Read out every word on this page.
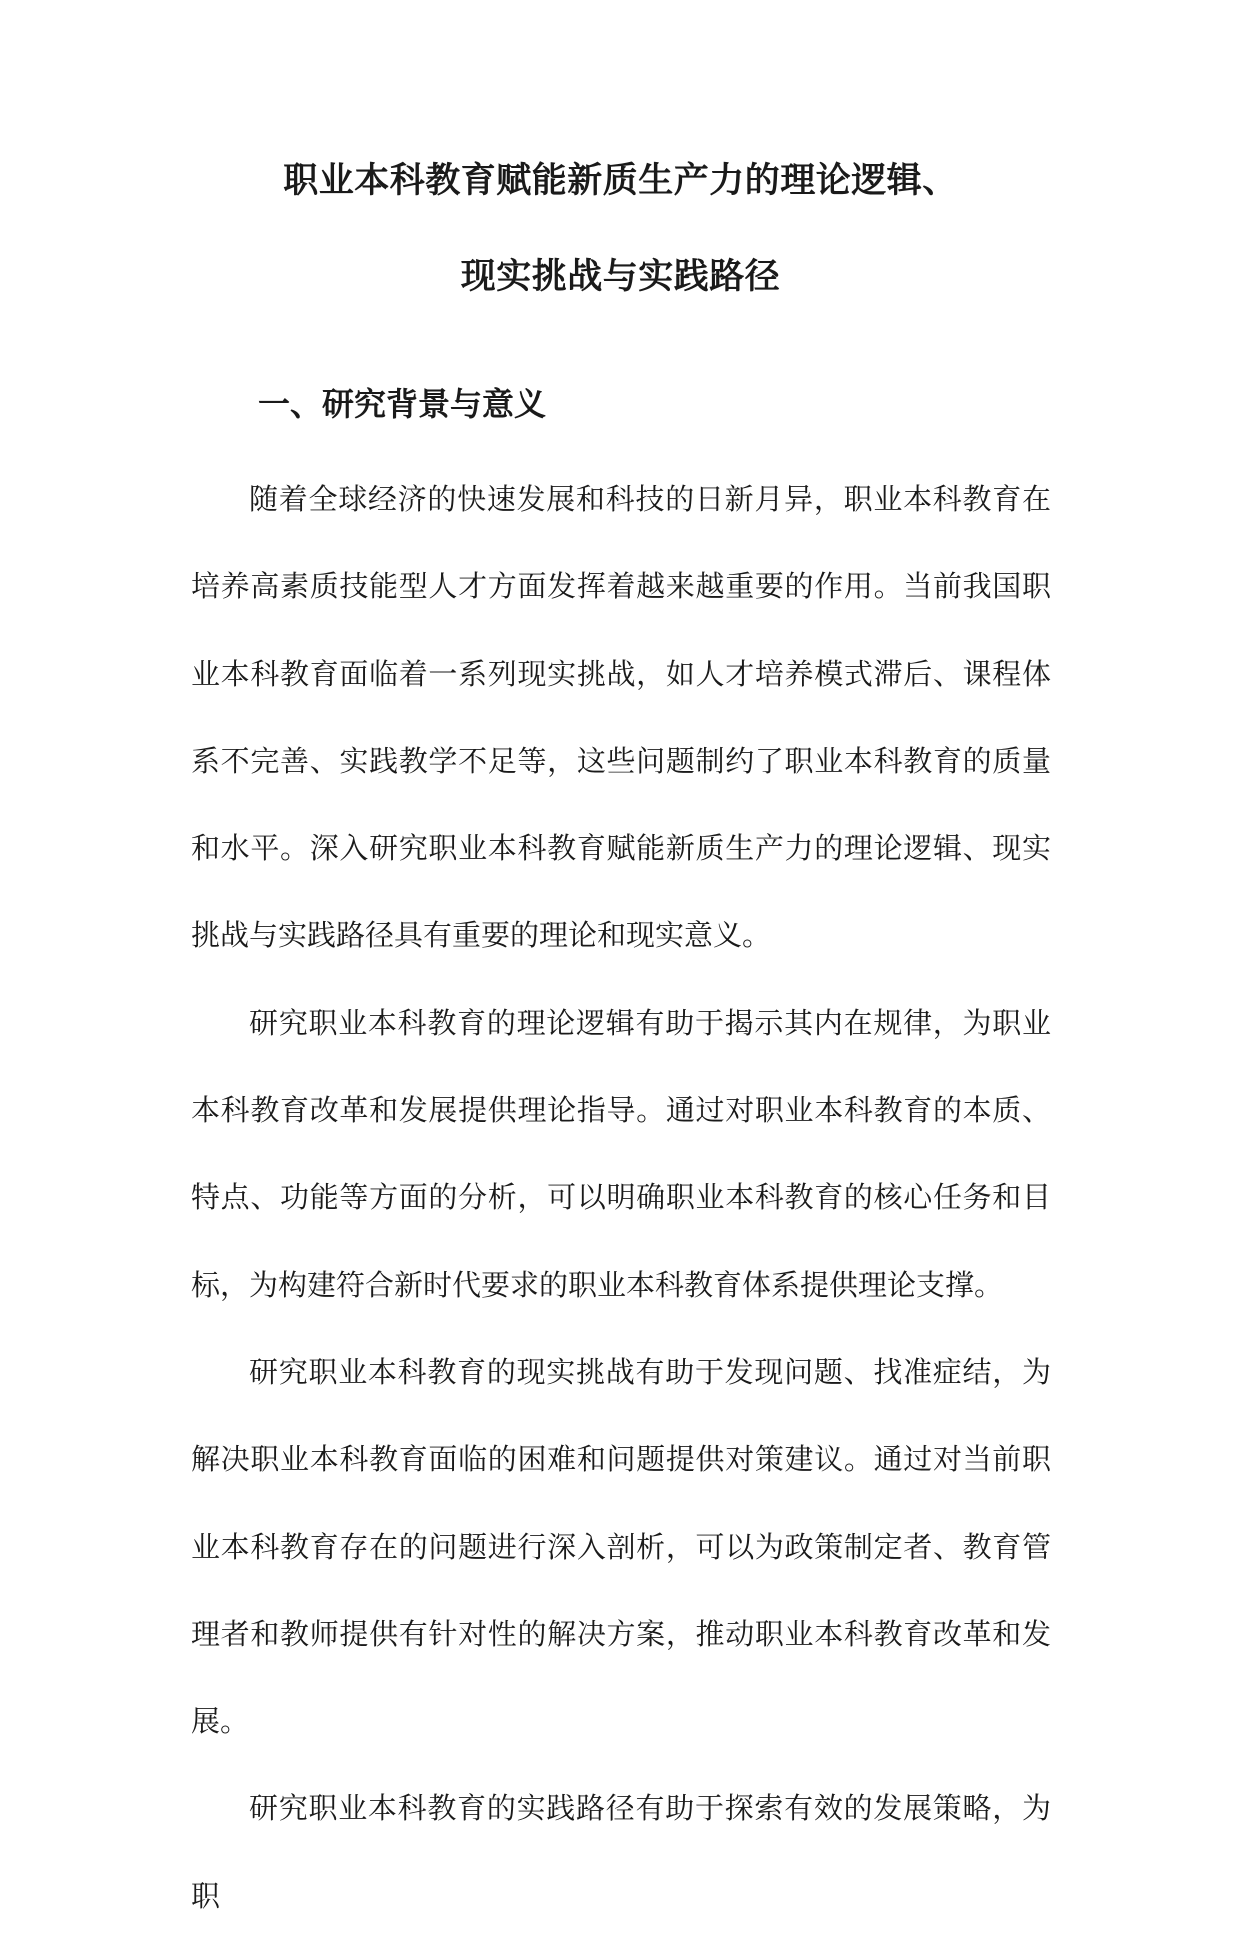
职业本科教育赋能新质生产力的理论逻辑、
现实挑战与实践路径
一、研究背景与意义

随着全球经济的快速发展和科技的日新月异，职业本科教育在培养高素质技能型人才方面发挥着越来越重要的作用。当前我国职业本科教育面临着一系列现实挑战，如人才培养模式滞后、课程体系不完善、实践教学不足等，这些问题制约了职业本科教育的质量和水平。深入研究职业本科教育赋能新质生产力的理论逻辑、现实挑战与实践路径具有重要的理论和现实意义。

研究职业本科教育的理论逻辑有助于揭示其内在规律，为职业本科教育改革和发展提供理论指导。通过对职业本科教育的本质、特点、功能等方面的分析，可以明确职业本科教育的核心任务和目标，为构建符合新时代要求的职业本科教育体系提供理论支撑。

研究职业本科教育的现实挑战有助于发现问题、找准症结，为解决职业本科教育面临的困难和问题提供对策建议。通过对当前职业本科教育存在的问题进行深入剖析，可以为政策制定者、教育管理者和教师提供有针对性的解决方案，推动职业本科教育改革和发展。

研究职业本科教育的实践路径有助于探索有效的发展策略，为职
